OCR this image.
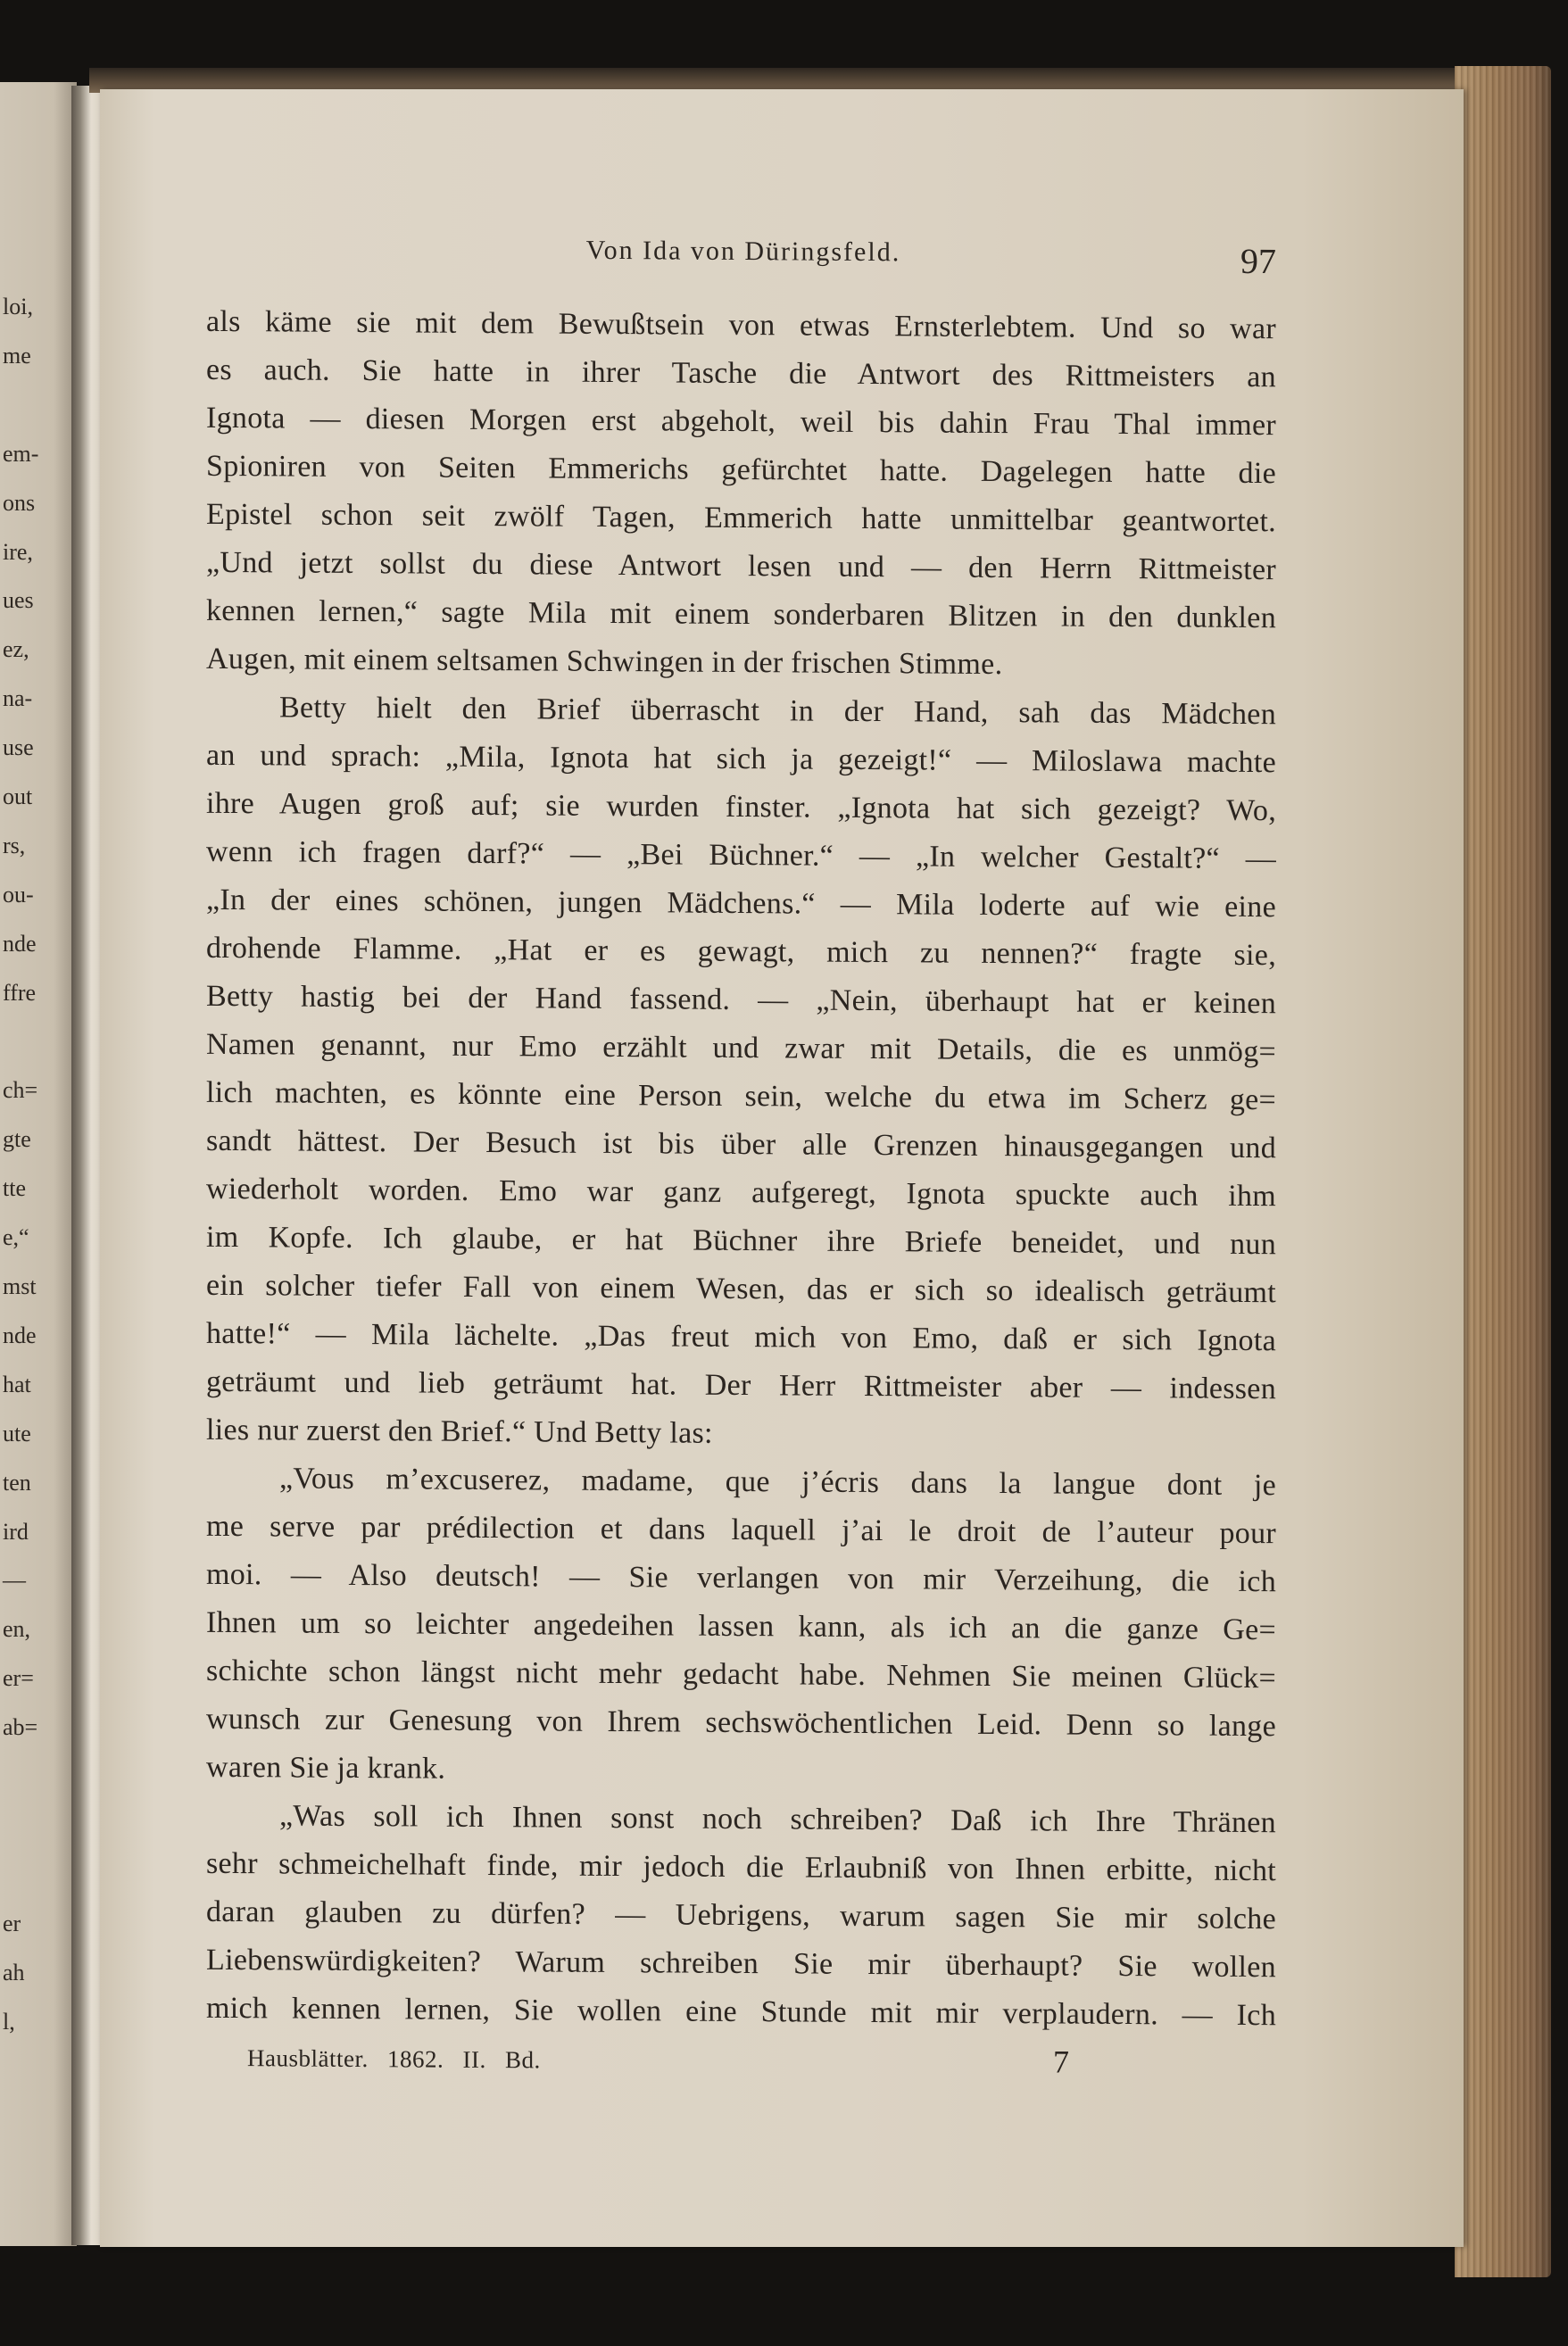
loi,
me
em-
ons
ire,
ues
ez,
na-
use
out
rs,
ou-
nde
ffre
ch=
gte
tte
e,“
mst
nde
hat
ute
ten
ird
—
en,
er=
ab=
er
ah
l,
Von Ida von Düringsfeld.	97
als käme sie mit dem Bewußtsein von etwas Ernsterlebtem. Und so war
es auch. Sie hatte in ihrer Tasche die Antwort des Rittmeisters an
Ignota — diesen Morgen erst abgeholt, weil bis dahin Frau Thal immer
Spioniren von Seiten Emmerichs gefürchtet hatte. Dagelegen hatte die
Epistel schon seit zwölf Tagen, Emmerich hatte unmittelbar geantwortet.
„Und jetzt sollst du diese Antwort lesen und — den Herrn Rittmeister
kennen lernen,“ sagte Mila mit einem sonderbaren Blitzen in den dunklen
Augen, mit einem seltsamen Schwingen in der frischen Stimme.
Betty hielt den Brief überrascht in der Hand, sah das Mädchen
an und sprach: „Mila, Ignota hat sich ja gezeigt!“ — Miloslawa machte
ihre Augen groß auf; sie wurden finster. „Ignota hat sich gezeigt? Wo,
wenn ich fragen darf?“ — „Bei Büchner.“ — „In welcher Gestalt?“ —
„In der eines schönen, jungen Mädchens.“ — Mila loderte auf wie eine
drohende Flamme. „Hat er es gewagt, mich zu nennen?“ fragte sie,
Betty hastig bei der Hand fassend. — „Nein, überhaupt hat er keinen
Namen genannt, nur Emo erzählt und zwar mit Details, die es unmög=
lich machten, es könnte eine Person sein, welche du etwa im Scherz ge=
sandt hättest. Der Besuch ist bis über alle Grenzen hinausgegangen und
wiederholt worden. Emo war ganz aufgeregt, Ignota spuckte auch ihm
im Kopfe. Ich glaube, er hat Büchner ihre Briefe beneidet, und nun
ein solcher tiefer Fall von einem Wesen, das er sich so idealisch geträumt
hatte!“ — Mila lächelte. „Das freut mich von Emo, daß er sich Ignota
geträumt und lieb geträumt hat. Der Herr Rittmeister aber — indessen
lies nur zuerst den Brief.“ Und Betty las:
„Vous m’excuserez, madame, que j’écris dans la langue dont je
me serve par prédilection et dans laquell j’ai le droit de l’auteur pour
moi. — Also deutsch! — Sie verlangen von mir Verzeihung, die ich
Ihnen um so leichter angedeihen lassen kann, als ich an die ganze Ge=
schichte schon längst nicht mehr gedacht habe. Nehmen Sie meinen Glück=
wunsch zur Genesung von Ihrem sechswöchentlichen Leid. Denn so lange
waren Sie ja krank.
„Was soll ich Ihnen sonst noch schreiben? Daß ich Ihre Thränen
sehr schmeichelhaft finde, mir jedoch die Erlaubniß von Ihnen erbitte, nicht
daran glauben zu dürfen? — Uebrigens, warum sagen Sie mir solche
Liebenswürdigkeiten? Warum schreiben Sie mir überhaupt? Sie wollen
mich kennen lernen, Sie wollen eine Stunde mit mir verplaudern. — Ich
Hausblätter. 1862. II. Bd.	7
